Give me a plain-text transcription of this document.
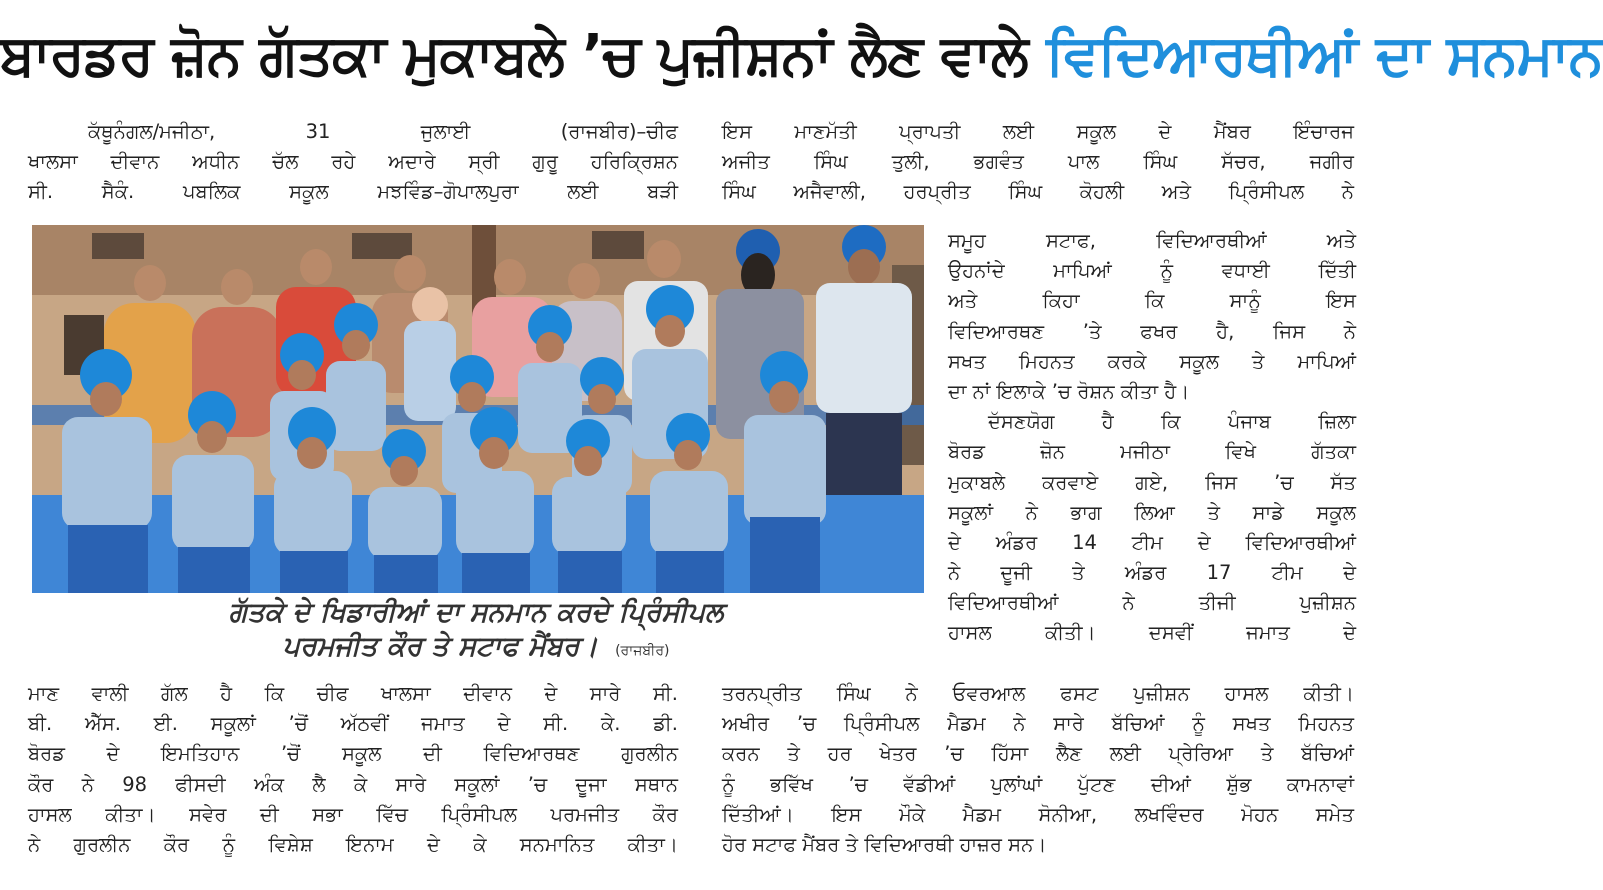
ਬਾਰਡਰ ਜ਼ੋਨ ਗੱਤਕਾ ਮੁਕਾਬਲੇ ’ਚ ਪੁਜ਼ੀਸ਼ਨਾਂ ਲੈਣ ਵਾਲੇ ਵਿਦਿਆਰਥੀਆਂ ਦਾ ਸਨਮਾਨ
ਕੱਥੂਨੰਗਲ/ਮਜੀਠਾ, 31 ਜੁਲਾਈ (ਰਾਜਬੀਰ)–ਚੀਫ
ਖਾਲਸਾ ਦੀਵਾਨ ਅਧੀਨ ਚੱਲ ਰਹੇ ਅਦਾਰੇ ਸ੍ਰੀ ਗੁਰੂ ਹਰਿਕ੍ਰਿਸ਼ਨ
ਸੀ. ਸੈਕੰ. ਪਬਲਿਕ ਸਕੂਲ ਮਝਵਿੰਡ–ਗੋਪਾਲਪੁਰਾ ਲਈ ਬੜੀ
ਇਸ ਮਾਣਮੱਤੀ ਪ੍ਰਾਪਤੀ ਲਈ ਸਕੂਲ ਦੇ ਮੈਂਬਰ ਇੰਚਾਰਜ
ਅਜੀਤ ਸਿੰਘ ਤੁਲੀ, ਭਗਵੰਤ ਪਾਲ ਸਿੰਘ ਸੱਚਰ, ਜਗੀਰ
ਸਿੰਘ ਅਜੈਵਾਲੀ, ਹਰਪ੍ਰੀਤ ਸਿੰਘ ਕੋਹਲੀ ਅਤੇ ਪ੍ਰਿੰਸੀਪਲ ਨੇ
ਸਮੂਹ ਸਟਾਫ, ਵਿਦਿਆਰਥੀਆਂ ਅਤੇ
ਉਹਨਾਂਦੇ ਮਾਪਿਆਂ ਨੂੰ ਵਧਾਈ ਦਿੱਤੀ
ਅਤੇ ਕਿਹਾ ਕਿ ਸਾਨੂੰ ਇਸ
ਵਿਦਿਆਰਥਣ ’ਤੇ ਫਖਰ ਹੈ, ਜਿਸ ਨੇ
ਸਖਤ ਮਿਹਨਤ ਕਰਕੇ ਸਕੂਲ ਤੇ ਮਾਪਿਆਂ
ਦਾ ਨਾਂ ਇਲਾਕੇ ’ਚ ਰੋਸ਼ਨ ਕੀਤਾ ਹੈ।
ਦੱਸਣਯੋਗ ਹੈ ਕਿ ਪੰਜਾਬ ਜ਼ਿਲਾ
ਬੋਰਡ ਜ਼ੋਨ ਮਜੀਠਾ ਵਿਖੇ ਗੱਤਕਾ
ਮੁਕਾਬਲੇ ਕਰਵਾਏ ਗਏ, ਜਿਸ ’ਚ ਸੱਤ
ਸਕੂਲਾਂ ਨੇ ਭਾਗ ਲਿਆ ਤੇ ਸਾਡੇ ਸਕੂਲ
ਦੇ ਅੰਡਰ 14 ਟੀਮ ਦੇ ਵਿਦਿਆਰਥੀਆਂ
ਨੇ ਦੂਜੀ ਤੇ ਅੰਡਰ 17 ਟੀਮ ਦੇ
ਵਿਦਿਆਰਥੀਆਂ ਨੇ ਤੀਜੀ ਪੁਜ਼ੀਸ਼ਨ
ਹਾਸਲ ਕੀਤੀ। ਦਸਵੀਂ ਜਮਾਤ ਦੇ
ਗੱਤਕੇ ਦੇ ਖਿਡਾਰੀਆਂ ਦਾ ਸਨਮਾਨ ਕਰਦੇ ਪ੍ਰਿੰਸੀਪਲ
ਪਰਮਜੀਤ ਕੌਰ ਤੇ ਸਟਾਫ ਮੈਂਬਰ। (ਰਾਜਬੀਰ)
ਮਾਣ ਵਾਲੀ ਗੱਲ ਹੈ ਕਿ ਚੀਫ ਖਾਲਸਾ ਦੀਵਾਨ ਦੇ ਸਾਰੇ ਸੀ.
ਬੀ. ਐੱਸ. ਈ. ਸਕੂਲਾਂ ’ਚੋਂ ਅੱਠਵੀਂ ਜਮਾਤ ਦੇ ਸੀ. ਕੇ. ਡੀ.
ਬੋਰਡ ਦੇ ਇਮਤਿਹਾਨ ’ਚੋਂ ਸਕੂਲ ਦੀ ਵਿਦਿਆਰਥਣ ਗੁਰਲੀਨ
ਕੌਰ ਨੇ 98 ਫੀਸਦੀ ਅੰਕ ਲੈ ਕੇ ਸਾਰੇ ਸਕੂਲਾਂ ’ਚ ਦੂਜਾ ਸਥਾਨ
ਹਾਸਲ ਕੀਤਾ। ਸਵੇਰ ਦੀ ਸਭਾ ਵਿੱਚ ਪ੍ਰਿੰਸੀਪਲ ਪਰਮਜੀਤ ਕੌਰ
ਨੇ ਗੁਰਲੀਨ ਕੌਰ ਨੂੰ ਵਿਸ਼ੇਸ਼ ਇਨਾਮ ਦੇ ਕੇ ਸਨਮਾਨਿਤ ਕੀਤਾ।
ਤਰਨਪ੍ਰੀਤ ਸਿੰਘ ਨੇ ਓਵਰਆਲ ਫਸਟ ਪੁਜ਼ੀਸ਼ਨ ਹਾਸਲ ਕੀਤੀ।
ਅਖੀਰ ’ਚ ਪ੍ਰਿੰਸੀਪਲ ਮੈਡਮ ਨੇ ਸਾਰੇ ਬੱਚਿਆਂ ਨੂੰ ਸਖਤ ਮਿਹਨਤ
ਕਰਨ ਤੇ ਹਰ ਖੇਤਰ ’ਚ ਹਿੱਸਾ ਲੈਣ ਲਈ ਪ੍ਰੇਰਿਆ ਤੇ ਬੱਚਿਆਂ
ਨੂੰ ਭਵਿੱਖ ’ਚ ਵੱਡੀਆਂ ਪੁਲਾਂਘਾਂ ਪੁੱਟਣ ਦੀਆਂ ਸ਼ੁੱਭ ਕਾਮਨਾਵਾਂ
ਦਿੱਤੀਆਂ। ਇਸ ਮੌਕੇ ਮੈਡਮ ਸੋਨੀਆ, ਲਖਵਿੰਦਰ ਮੋਹਨ ਸਮੇਤ
ਹੋਰ ਸਟਾਫ ਮੈਂਬਰ ਤੇ ਵਿਦਿਆਰਥੀ ਹਾਜ਼ਰ ਸਨ।
